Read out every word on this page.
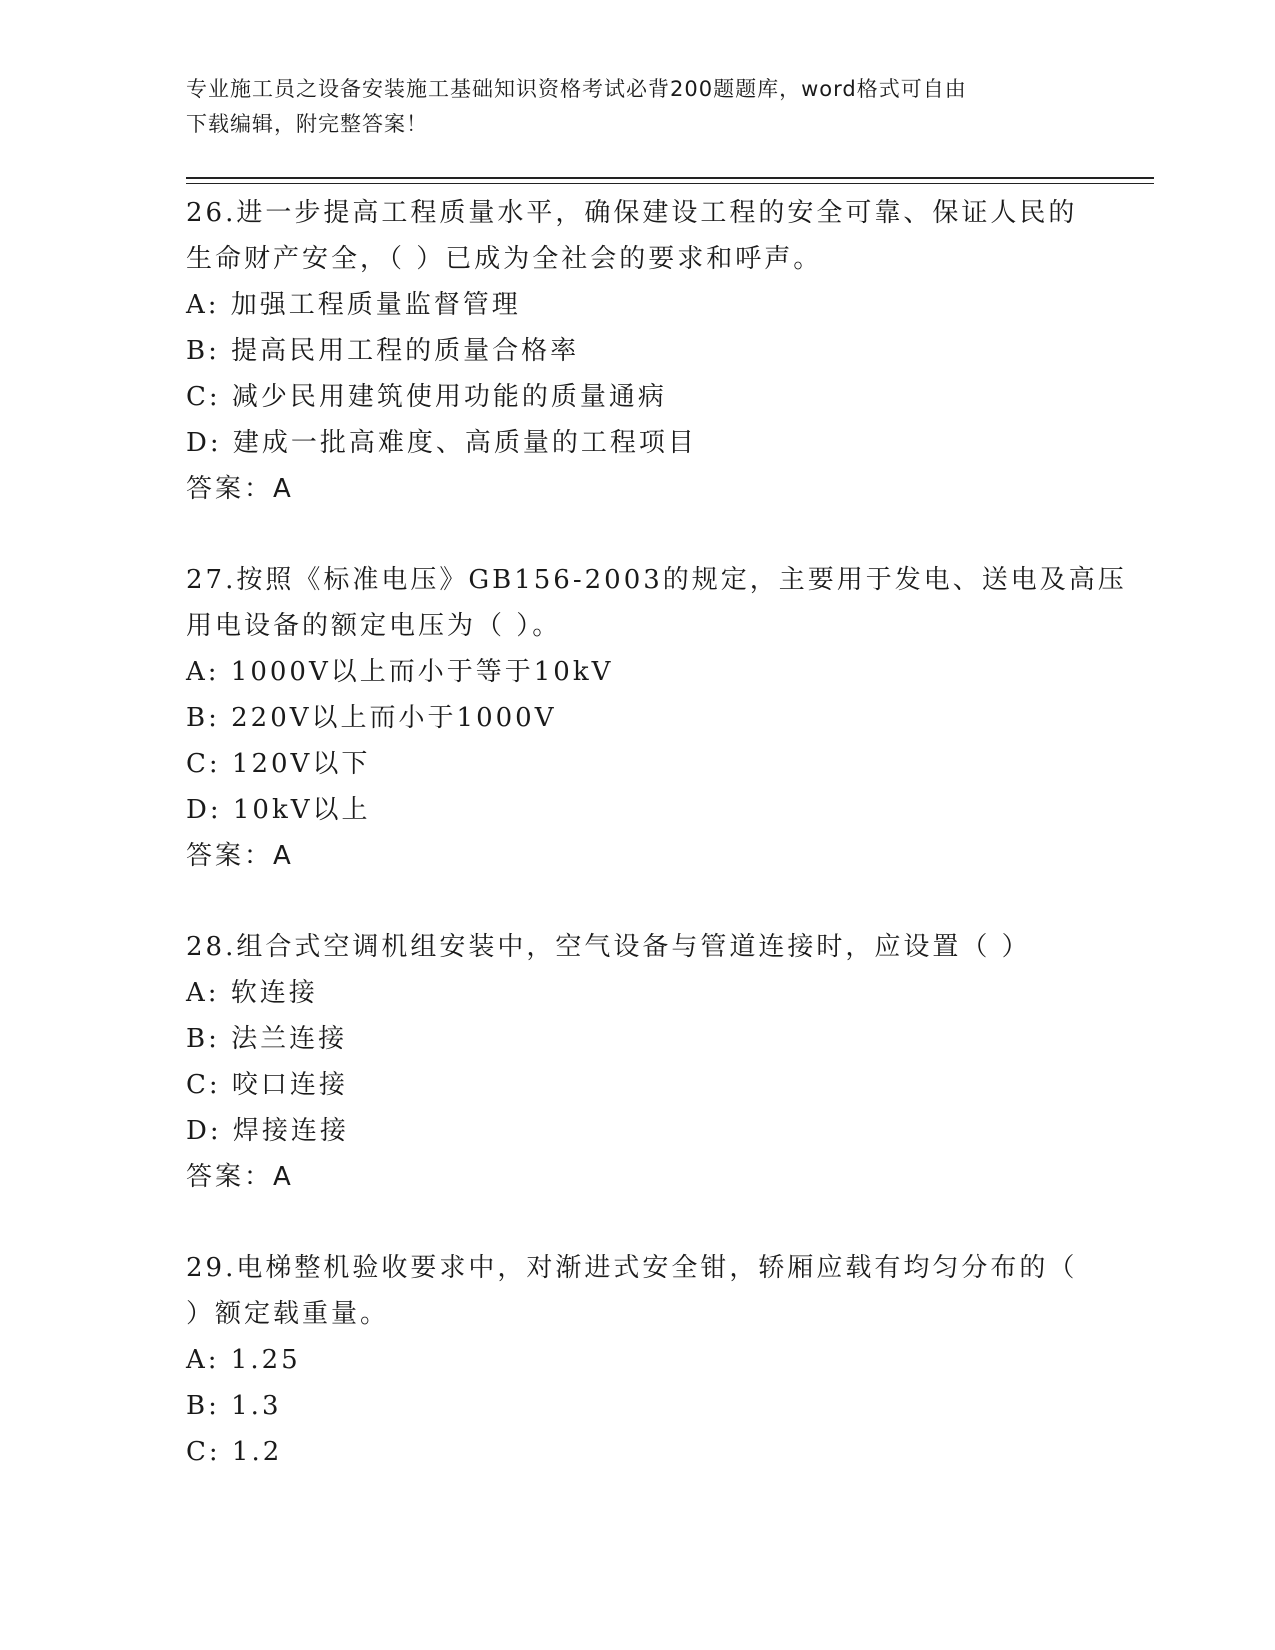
专业施工员之设备安装施工基础知识资格考试必背200题题库，word格式可自由
下载编辑，附完整答案！
26.进一步提高工程质量水平，确保建设工程的安全可靠、保证人民的
生命财产安全，（ ）已成为全社会的要求和呼声。
A: 加强工程质量监督管理
B: 提高民用工程的质量合格率
C: 减少民用建筑使用功能的质量通病
D: 建成一批高难度、高质量的工程项目
答案：A
27.按照《标准电压》GB156-2003的规定，主要用于发电、送电及高压
用电设备的额定电压为（ ）。
A: 1000V以上而小于等于10kV
B: 220V以上而小于1000V
C: 120V以下
D: 10kV以上
答案：A
28.组合式空调机组安装中，空气设备与管道连接时，应设置（ ）
A: 软连接
B: 法兰连接
C: 咬口连接
D: 焊接连接
答案：A
29.电梯整机验收要求中，对渐进式安全钳，轿厢应载有均匀分布的（
）额定载重量。
A: 1.25
B: 1.3
C: 1.2
